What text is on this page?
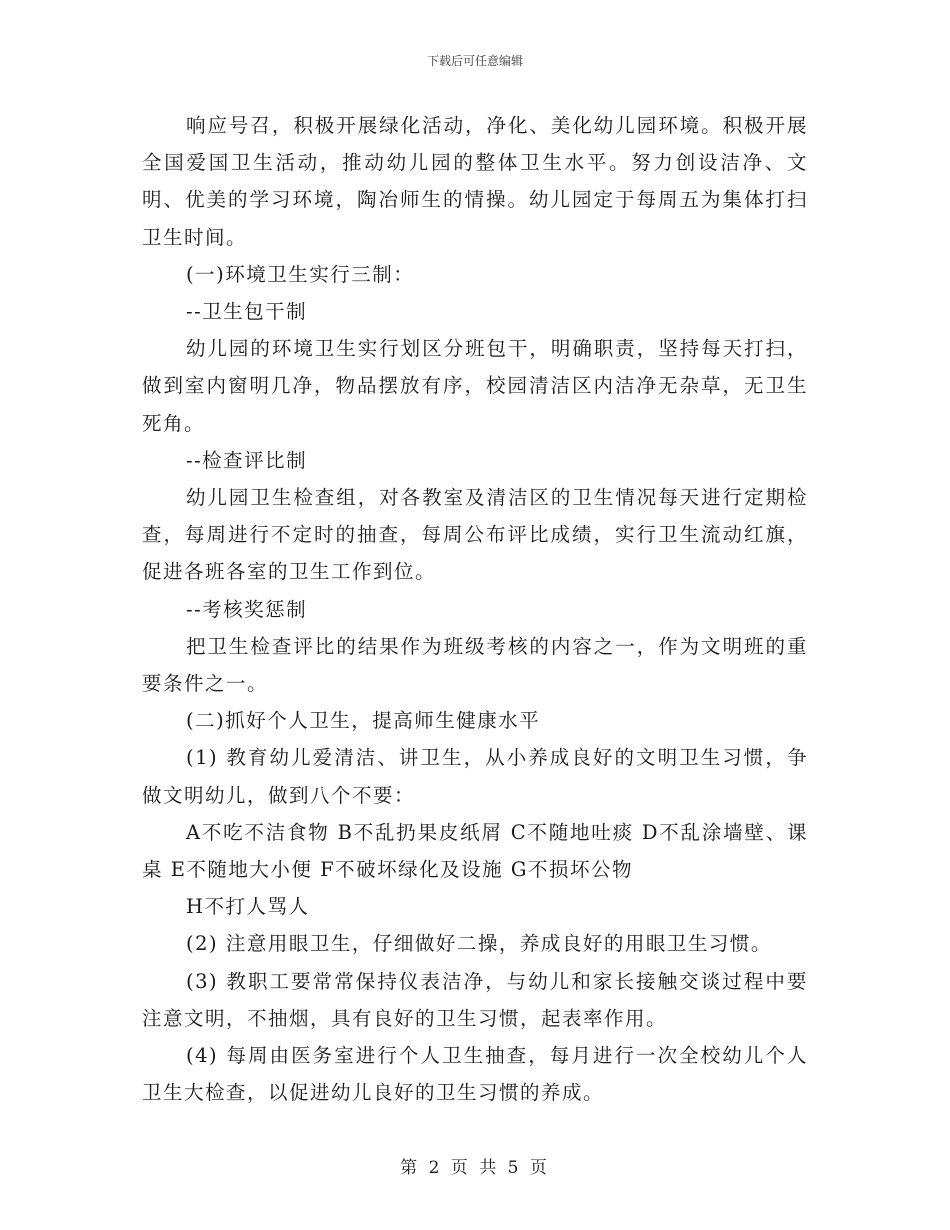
下载后可任意编辑

响应号召，积极开展绿化活动，净化、美化幼儿园环境。积极开展全国爱国卫生活动，推动幼儿园的整体卫生水平。努力创设洁净、文明、优美的学习环境，陶冶师生的情操。幼儿园定于每周五为集体打扫卫生时间。

(一)环境卫生实行三制：

--卫生包干制

幼儿园的环境卫生实行划区分班包干，明确职责，坚持每天打扫，做到室内窗明几净，物品摆放有序，校园清洁区内洁净无杂草，无卫生死角。

--检查评比制

幼儿园卫生检查组，对各教室及清洁区的卫生情况每天进行定期检查，每周进行不定时的抽查，每周公布评比成绩，实行卫生流动红旗，促进各班各室的卫生工作到位。

--考核奖惩制

把卫生检查评比的结果作为班级考核的内容之一，作为文明班的重要条件之一。

(二)抓好个人卫生，提高师生健康水平

(1) 教育幼儿爱清洁、讲卫生，从小养成良好的文明卫生习惯，争做文明幼儿，做到八个不要：

A不吃不洁食物 B不乱扔果皮纸屑 C不随地吐痰 D不乱涂墙壁、课桌 E不随地大小便 F不破坏绿化及设施 G不损坏公物

H不打人骂人

(2) 注意用眼卫生，仔细做好二操，养成良好的用眼卫生习惯。

(3) 教职工要常常保持仪表洁净，与幼儿和家长接触交谈过程中要注意文明，不抽烟，具有良好的卫生习惯，起表率作用。

(4) 每周由医务室进行个人卫生抽查，每月进行一次全校幼儿个人卫生大检查，以促进幼儿良好的卫生习惯的养成。

第 2 页 共 5 页
